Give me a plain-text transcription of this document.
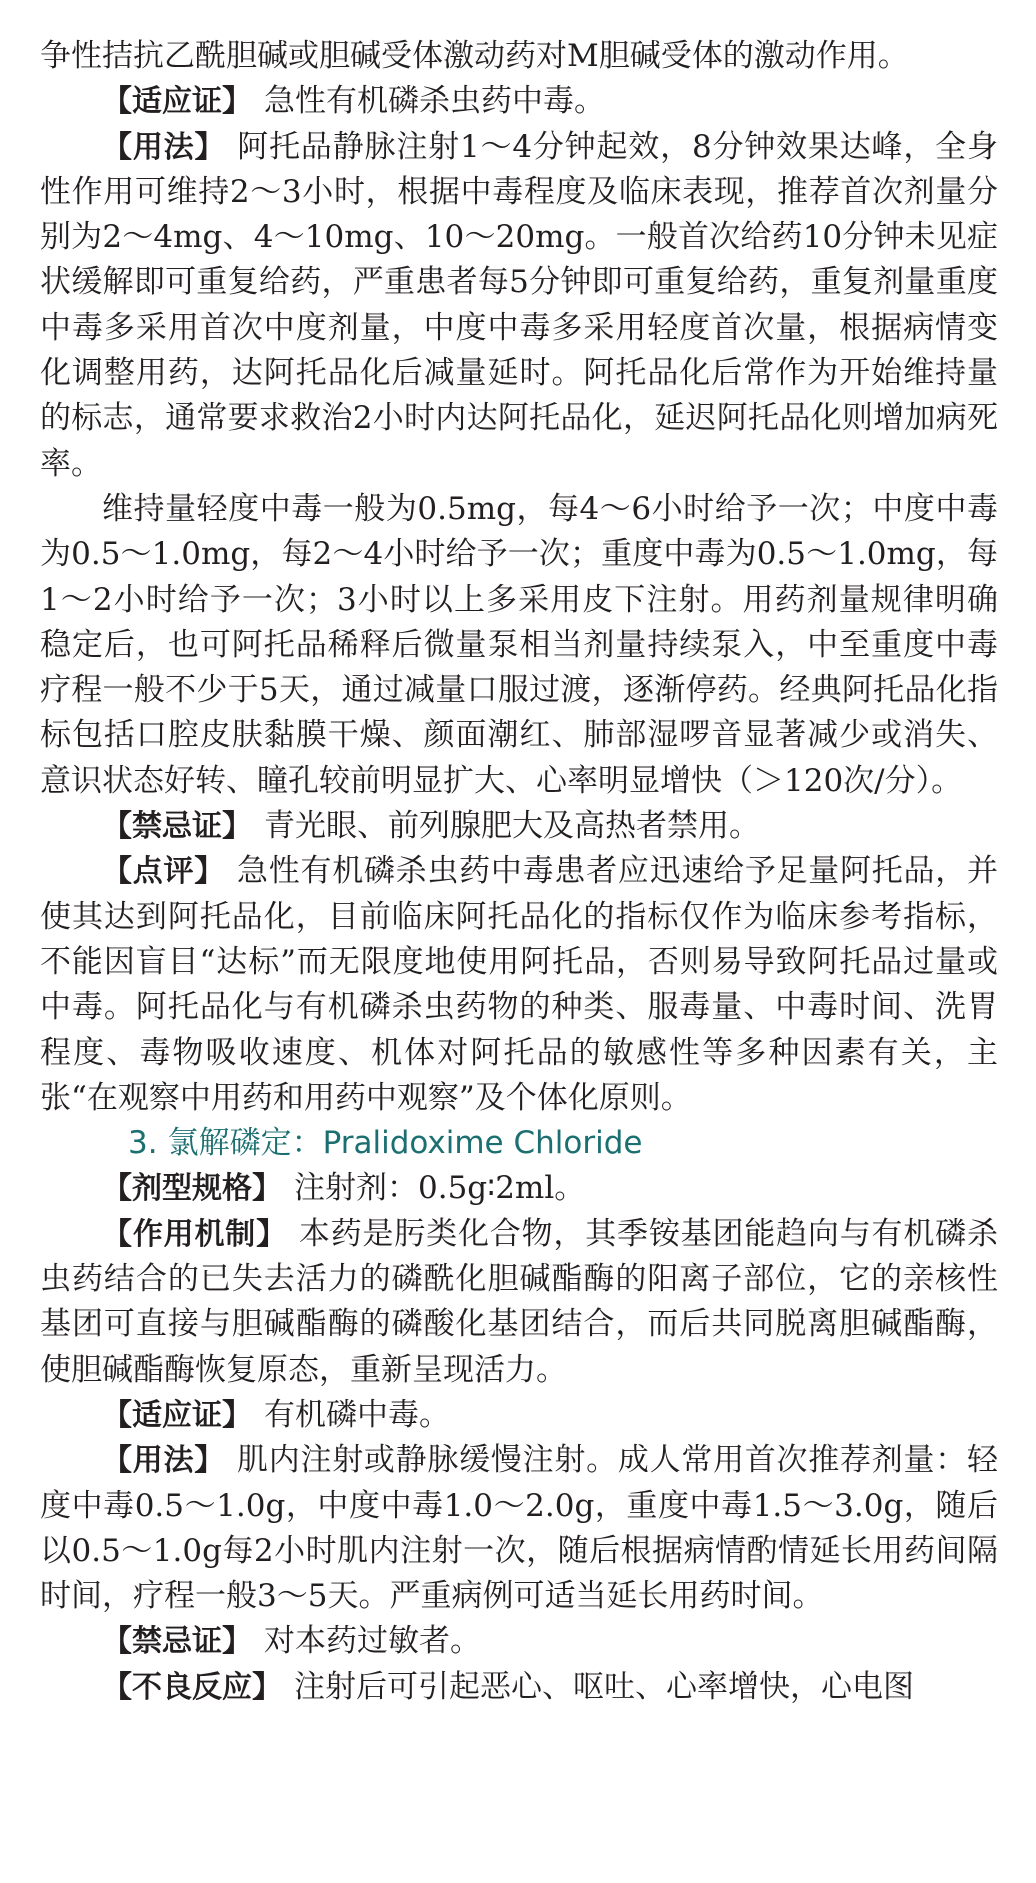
争性拮抗乙酰胆碱或胆碱受体激动药对M胆碱受体的激动作用。

【适应证】 急性有机磷杀虫药中毒。

【用法】 阿托品静脉注射1～4分钟起效，8分钟效果达峰，全身性作用可维持2～3小时，根据中毒程度及临床表现，推荐首次剂量分别为2～4mg、4～10mg、10～20mg。一般首次给药10分钟未见症状缓解即可重复给药，严重患者每5分钟即可重复给药，重复剂量重度中毒多采用首次中度剂量，中度中毒多采用轻度首次量，根据病情变化调整用药，达阿托品化后减量延时。阿托品化后常作为开始维持量的标志，通常要求救治2小时内达阿托品化，延迟阿托品化则增加病死率。

维持量轻度中毒一般为0.5mg，每4～6小时给予一次；中度中毒为0.5～1.0mg，每2～4小时给予一次；重度中毒为0.5～1.0mg，每1～2小时给予一次；3小时以上多采用皮下注射。用药剂量规律明确稳定后，也可阿托品稀释后微量泵相当剂量持续泵入，中至重度中毒疗程一般不少于5天，通过减量口服过渡，逐渐停药。经典阿托品化指标包括口腔皮肤黏膜干燥、颜面潮红、肺部湿啰音显著减少或消失、意识状态好转、瞳孔较前明显扩大、心率明显增快（＞120次/分）。

【禁忌证】 青光眼、前列腺肥大及高热者禁用。

【点评】 急性有机磷杀虫药中毒患者应迅速给予足量阿托品，并使其达到阿托品化，目前临床阿托品化的指标仅作为临床参考指标，不能因盲目“达标”而无限度地使用阿托品，否则易导致阿托品过量或中毒。阿托品化与有机磷杀虫药物的种类、服毒量、中毒时间、洗胃程度、毒物吸收速度、机体对阿托品的敏感性等多种因素有关，主张“在观察中用药和用药中观察”及个体化原则。

3. 氯解磷定：Pralidoxime Chloride

【剂型规格】 注射剂：0.5g∶2ml。

【作用机制】 本药是肟类化合物，其季铵基团能趋向与有机磷杀虫药结合的已失去活力的磷酰化胆碱酯酶的阳离子部位，它的亲核性基团可直接与胆碱酯酶的磷酸化基团结合，而后共同脱离胆碱酯酶，使胆碱酯酶恢复原态，重新呈现活力。

【适应证】 有机磷中毒。

【用法】 肌内注射或静脉缓慢注射。成人常用首次推荐剂量：轻度中毒0.5～1.0g，中度中毒1.0～2.0g，重度中毒1.5～3.0g，随后以0.5～1.0g每2小时肌内注射一次，随后根据病情酌情延长用药间隔时间，疗程一般3～5天。严重病例可适当延长用药时间。

【禁忌证】 对本药过敏者。

【不良反应】 注射后可引起恶心、呕吐、心率增快，心电图
